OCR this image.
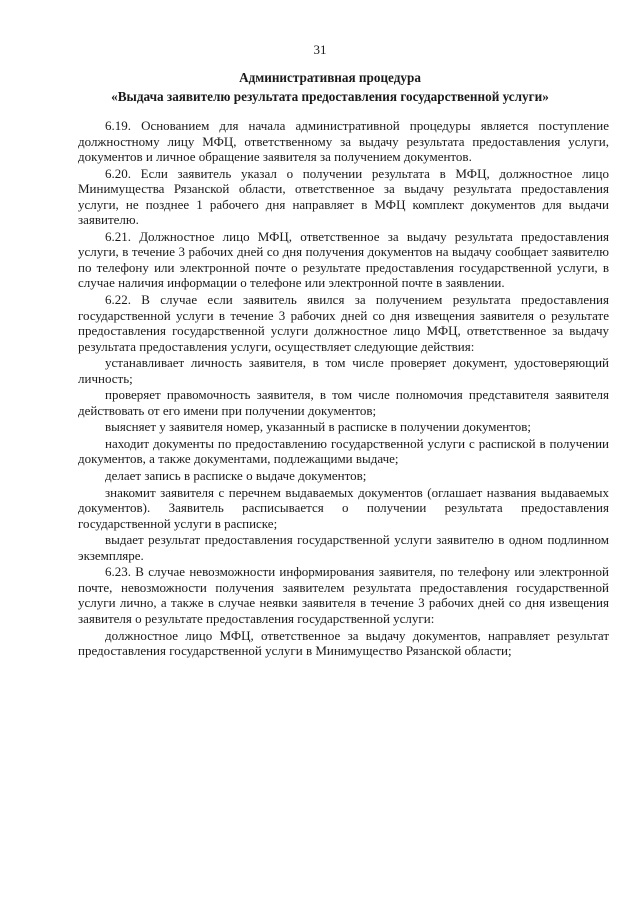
31
Административная процедура
«Выдача заявителю результата предоставления государственной услуги»

6.19. Основанием для начала административной процедуры является поступление должностному лицу МФЦ, ответственному за выдачу результата предоставления услуги, документов и личное обращение заявителя за получением документов.

6.20. Если заявитель указал о получении результата в МФЦ, должностное лицо Минимущества Рязанской области, ответственное за выдачу результата предоставления услуги, не позднее 1 рабочего дня направляет в МФЦ комплект документов для выдачи заявителю.

6.21. Должностное лицо МФЦ, ответственное за выдачу результата предоставления услуги, в течение 3 рабочих дней со дня получения документов на выдачу сообщает заявителю по телефону или электронной почте о результате предоставления государственной услуги, в случае наличия информации о телефоне или электронной почте в заявлении.

6.22. В случае если заявитель явился за получением результата предоставления государственной услуги в течение 3 рабочих дней со дня извещения заявителя о результате предоставления государственной услуги должностное лицо МФЦ, ответственное за выдачу результата предоставления услуги, осуществляет следующие действия:

устанавливает личность заявителя, в том числе проверяет документ, удостоверяющий личность;

проверяет правомочность заявителя, в том числе полномочия представителя заявителя действовать от его имени при получении документов;

выясняет у заявителя номер, указанный в расписке в получении документов;

находит документы по предоставлению государственной услуги с распиской в получении документов, а также документами, подлежащими выдаче;

делает запись в расписке о выдаче документов;

знакомит заявителя с перечнем выдаваемых документов (оглашает названия выдаваемых документов). Заявитель расписывается о получении результата предоставления государственной услуги в расписке;

выдает результат предоставления государственной услуги заявителю в одном подлинном экземпляре.

6.23. В случае невозможности информирования заявителя, по телефону или электронной почте, невозможности получения заявителем результата предоставления государственной услуги лично, а также в случае неявки заявителя в течение 3 рабочих дней со дня извещения заявителя о результате предоставления государственной услуги:

должностное лицо МФЦ, ответственное за выдачу документов, направляет результат предоставления государственной услуги в Минимущество Рязанской области;
